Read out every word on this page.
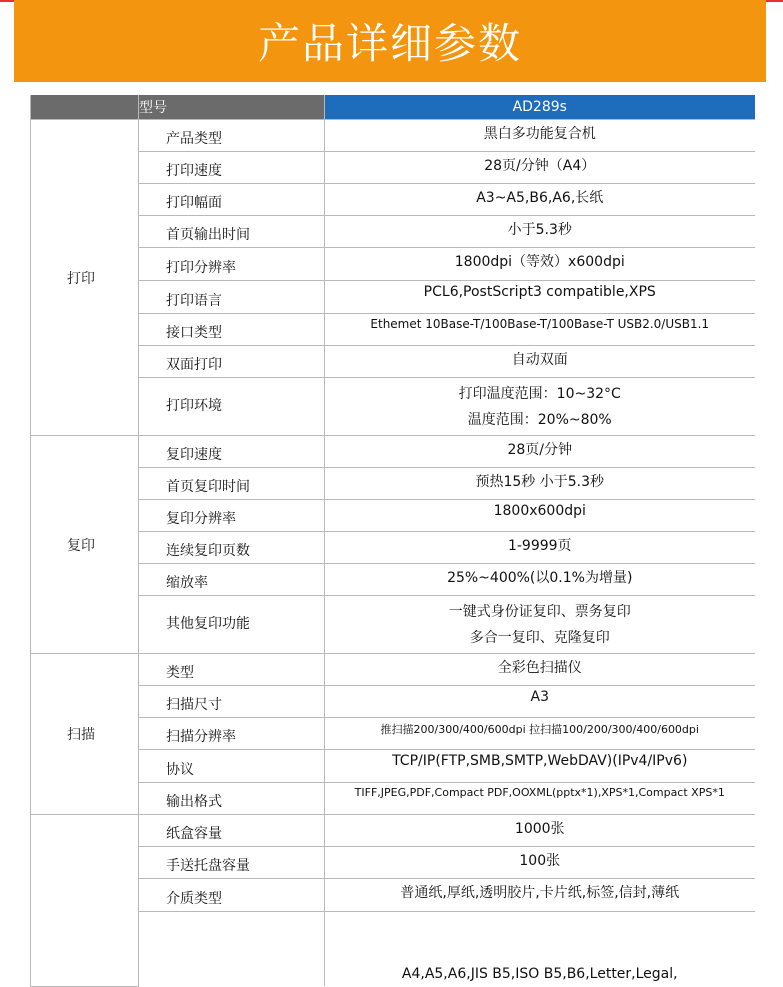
产品详细参数
	型号	AD289s
打印	产品类型	黑白多功能复合机
	打印速度	28页/分钟（A4）
	打印幅面	A3~A5,B6,A6,长纸
	首页输出时间	小于5.3秒
	打印分辨率	1800dpi（等效）x600dpi
	打印语言	PCL6,PostScript3 compatible,XPS
	接口类型	Ethemet 10Base-T/100Base-T/100Base-T USB2.0/USB1.1
	双面打印	自动双面
	打印环境	打印温度范围：10~32°C
温度范围：20%~80%

复印	复印速度	28页/分钟
	首页复印时间	预热15秒 小于5.3秒
	复印分辨率	1800x600dpi
	连续复印页数	1-9999页
	缩放率	25%~400%(以0.1%为增量)
	其他复印功能	一键式身份证复印、票务复印
多合一复印、克隆复印

扫描	类型	全彩色扫描仪
	扫描尺寸	A3
	扫描分辨率	推扫描200/300/400/600dpi 拉扫描100/200/300/400/600dpi
	协议	TCP/IP(FTP,SMB,SMTP,WebDAV)(IPv4/IPv6)
	输出格式	TIFF,JPEG,PDF,Compact PDF,OOXML(pptx*1),XPS*1,Compact XPS*1
	纸盒容量	1000张
	手送托盘容量	100张
	介质类型	普通纸,厚纸,透明胶片,卡片纸,标签,信封,薄纸
		A4,A5,A6,JIS B5,ISO B5,B6,Letter,Legal,
